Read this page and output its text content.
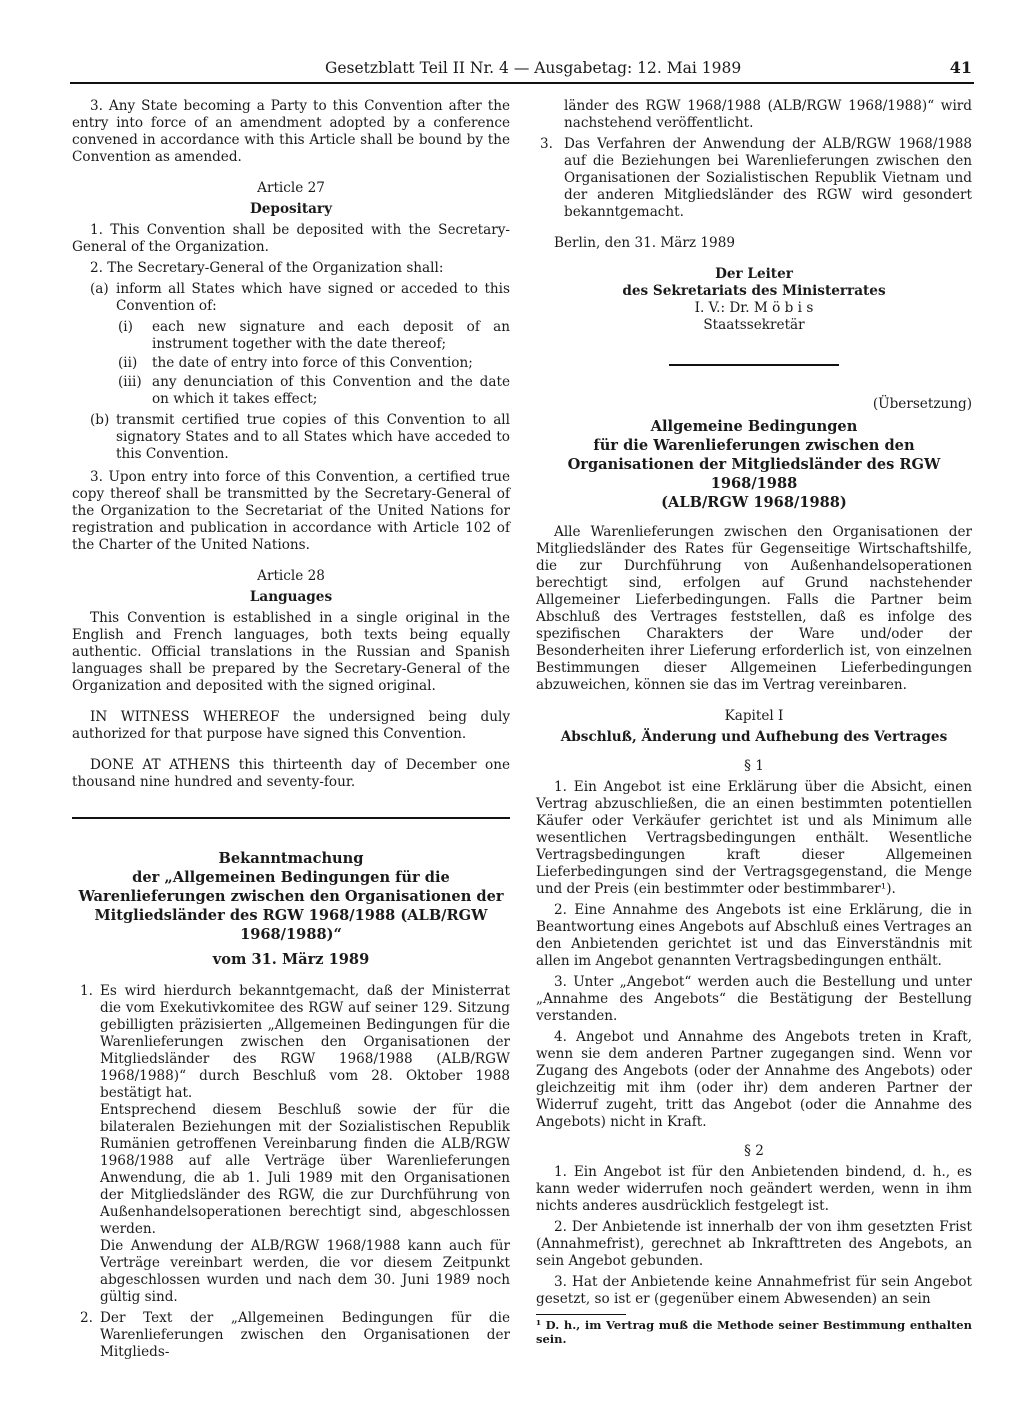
Gesetzblatt Teil II Nr. 4 — Ausgabetag: 12. Mai 1989	41

3. Any State becoming a Party to this Convention after the entry into force of an amendment adopted by a conference convened in accordance with this Article shall be bound by the Convention as amended.

Article 27

Depositary

1. This Convention shall be deposited with the Secretary-General of the Organization.

2. The Secretary-General of the Organization shall:

(a) inform all States which have signed or acceded to this Convention of:
(i)	each new signature and each deposit of an instrument together with the date thereof;
(ii)	the date of entry into force of this Convention;
(iii) any denunciation of this Convention and the date on which it takes effect;
(b) transmit certified true copies of this Convention to all signatory States and to all States which have acceded to this Convention.

3. Upon entry into force of this Convention, a certified true copy thereof shall be transmitted by the Secretary-General of the Organization to the Secretariat of the United Nations for registration and publication in accordance with Article 102 of the Charter of the United Nations.

Article 28

Languages

This Convention is established in a single original in the English and French languages, both texts being equally authentic. Official translations in the Russian and Spanish languages shall be prepared by the Secretary-General of the Organization and deposited with the signed original.

IN WITNESS WHEREOF the undersigned being duly authorized for that purpose have signed this Convention.

DONE AT ATHENS this thirteenth day of December one thousand nine hundred and seventy-four.

Bekanntmachung

der „Allgemeinen Bedingungen für die Warenlieferungen zwischen den Organisationen der Mitgliedsländer des RGW 1968/1988 (ALB/RGW 1968/1988)“

vom 31. März 1989

1. Es wird hierdurch bekanntgemacht, daß der Ministerrat die vom Exekutivkomitee des RGW auf seiner 129. Sitzung gebilligten präzisierten „Allgemeinen Bedingungen für die Warenlieferungen zwischen den Organisationen der Mitgliedsländer des RGW 1968/1988 (ALB/RGW 1968/1988)“ durch Beschluß vom 28. Oktober 1988 bestätigt hat.

Entsprechend diesem Beschluß sowie der für die bilateralen Beziehungen mit der Sozialistischen Republik Rumänien getroffenen Vereinbarung finden die ALB/RGW 1968/1988 auf alle Verträge über Warenlieferungen Anwendung, die ab 1. Juli 1989 mit den Organisationen der Mitgliedsländer des RGW, die zur Durchführung von Außenhandelsoperationen berechtigt sind, abgeschlossen werden.

Die Anwendung der ALB/RGW 1968/1988 kann auch für Verträge vereinbart werden, die vor diesem Zeitpunkt abgeschlossen wurden und nach dem 30. Juni 1989 noch gültig sind.

2. Der Text der „Allgemeinen Bedingungen für die Warenlieferungen zwischen den Organisationen der Mitglieds-

länder des RGW 1968/1988 (ALB/RGW 1968/1988)“ wird nachstehend veröffentlicht.

3. Das Verfahren der Anwendung der ALB/RGW 1968/1988 auf die Beziehungen bei Warenlieferungen zwischen den Organisationen der Sozialistischen Republik Vietnam und der anderen Mitgliedsländer des RGW wird gesondert bekanntgemacht.

Berlin, den 31. März 1989

Der Leiter

des Sekretariats des Ministerrates

I. V.: Dr. M ö b i s

Staatssekretär

(Übersetzung)

Allgemeine Bedingungen

für die Warenlieferungen zwischen den Organisationen der Mitgliedsländer des RGW 1968/1988

(ALB/RGW 1968/1988)

Alle Warenlieferungen zwischen den Organisationen der Mitgliedsländer des Rates für Gegenseitige Wirtschaftshilfe, die zur Durchführung von Außenhandelsoperationen berechtigt sind, erfolgen auf Grund nachstehender Allgemeiner Lieferbedingungen. Falls die Partner beim Abschluß des Vertrages feststellen, daß es infolge des spezifischen Charakters der Ware und/oder der Besonderheiten ihrer Lieferung erforderlich ist, von einzelnen Bestimmungen dieser Allgemeinen Lieferbedingungen abzuweichen, können sie das im Vertrag vereinbaren.

Kapitel I

Abschluß, Änderung und Aufhebung des Vertrages

§ 1

1. Ein Angebot ist eine Erklärung über die Absicht, einen Vertrag abzuschließen, die an einen bestimmten potentiellen Käufer oder Verkäufer gerichtet ist und als Minimum alle wesentlichen Vertragsbedingungen enthält. Wesentliche Vertragsbedingungen kraft dieser Allgemeinen Lieferbedingungen sind der Vertragsgegenstand, die Menge und der Preis (ein bestimmter oder bestimmbarer¹).

2. Eine Annahme des Angebots ist eine Erklärung, die in Beantwortung eines Angebots auf Abschluß eines Vertrages an den Anbietenden gerichtet ist und das Einverständnis mit allen im Angebot genannten Vertragsbedingungen enthält.

3. Unter „Angebot“ werden auch die Bestellung und unter „Annahme des Angebots“ die Bestätigung der Bestellung verstanden.

4. Angebot und Annahme des Angebots treten in Kraft, wenn sie dem anderen Partner zugegangen sind. Wenn vor Zugang des Angebots (oder der Annahme des Angebots) oder gleichzeitig mit ihm (oder ihr) dem anderen Partner der Widerruf zugeht, tritt das Angebot (oder die Annahme des Angebots) nicht in Kraft.

§ 2

1. Ein Angebot ist für den Anbietenden bindend, d. h., es kann weder widerrufen noch geändert werden, wenn in ihm nichts anderes ausdrücklich festgelegt ist.

2. Der Anbietende ist innerhalb der von ihm gesetzten Frist (Annahmefrist), gerechnet ab Inkrafttreten des Angebots, an sein Angebot gebunden.

3. Hat der Anbietende keine Annahmefrist für sein Angebot gesetzt, so ist er (gegenüber einem Abwesenden) an sein

¹ D. h., im Vertrag muß die Methode seiner Bestimmung enthalten sein.
